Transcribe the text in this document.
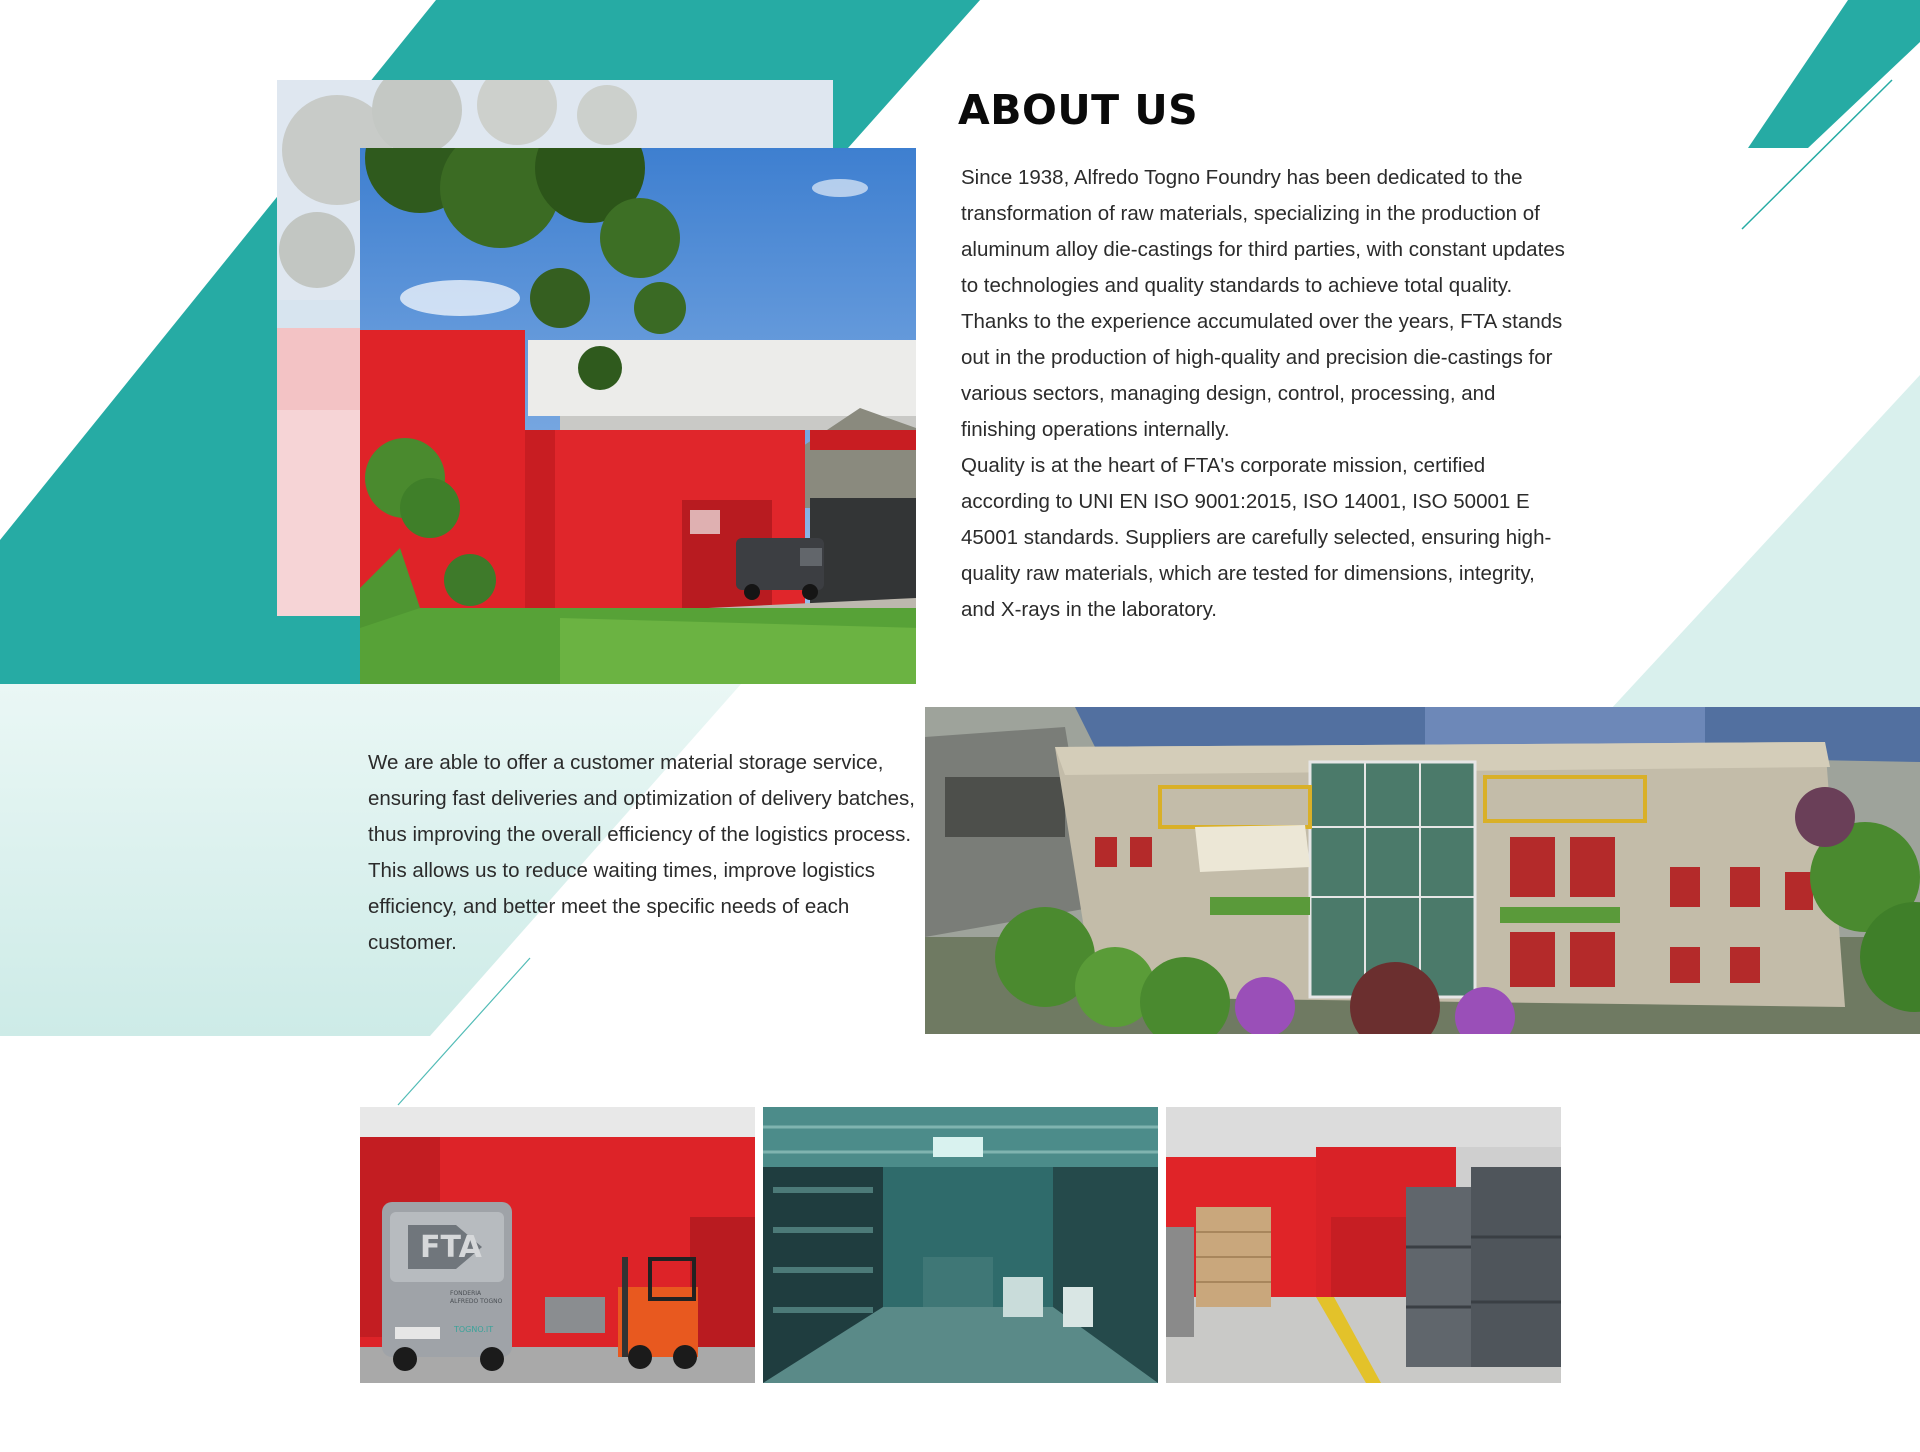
FTA
FONDERIA
ALFREDO TOGNO
TOGNO.IT
ABOUT US

Since 1938, Alfredo Togno Foundry has been dedicated to the transformation of raw materials, specializing in the production of aluminum alloy die-castings for third parties, with constant updates to technologies and quality standards to achieve total quality.

Thanks to the experience accumulated over the years, FTA stands out in the production of high-quality and precision die-castings for various sectors, managing design, control, processing, and finishing operations internally.

Quality is at the heart of FTA's corporate mission, certified according to UNI EN ISO 9001:2015, ISO 14001, ISO 50001 E 45001 standards. Suppliers are carefully selected, ensuring high-quality raw materials, which are tested for dimensions, integrity, and X-rays in the laboratory.

We are able to offer a customer material storage service, ensuring fast deliveries and optimization of delivery batches, thus improving the overall efficiency of the logistics process. This allows us to reduce waiting times, improve logistics efficiency, and better meet the specific needs of each customer.
